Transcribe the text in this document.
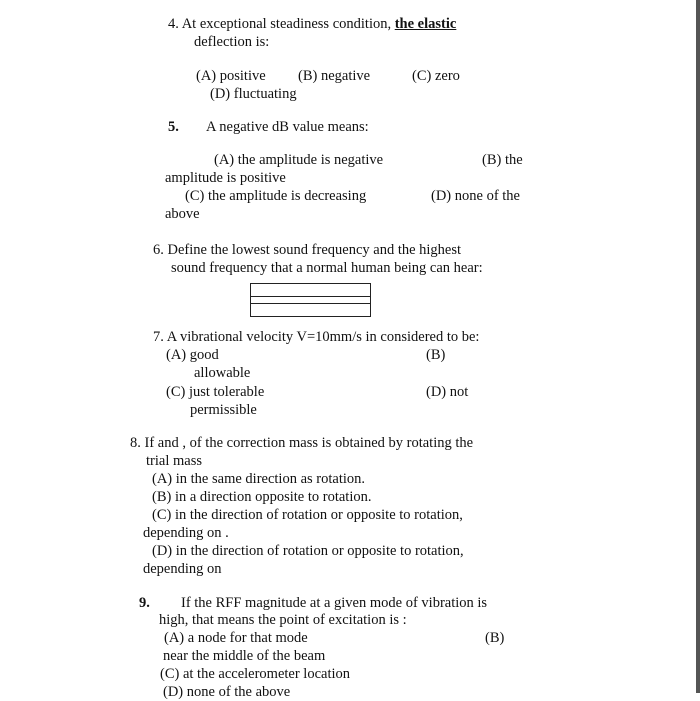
4. At exceptional steadiness condition, the elastic
deflection is:
(A) positive (B) negative	(C) zero
(D) fluctuating
5. A negative dB value means:
(A) the amplitude is negative	(B) the
amplitude is positive
(C) the amplitude is decreasing	(D) none of the
above
6. Define the lowest sound frequency and the highest
sound frequency that a normal human being can hear:
7. A vibrational velocity V=10mm/s in considered to be:
(A) good	(B)
allowable
(C) just tolerable	(D) not
permissible
8. If and , of the correction mass is obtained by rotating the
trial mass
(A) in the same direction as rotation.
(B) in a direction opposite to rotation.
(C) in the direction of rotation or opposite to rotation,
depending on .
(D) in the direction of rotation or opposite to rotation,
depending on
9. If the RFF magnitude at a given mode of vibration is
high, that means the point of excitation is :
(A) a node for that mode	(B)
near the middle of the beam
(C) at the accelerometer location
(D) none of the above
